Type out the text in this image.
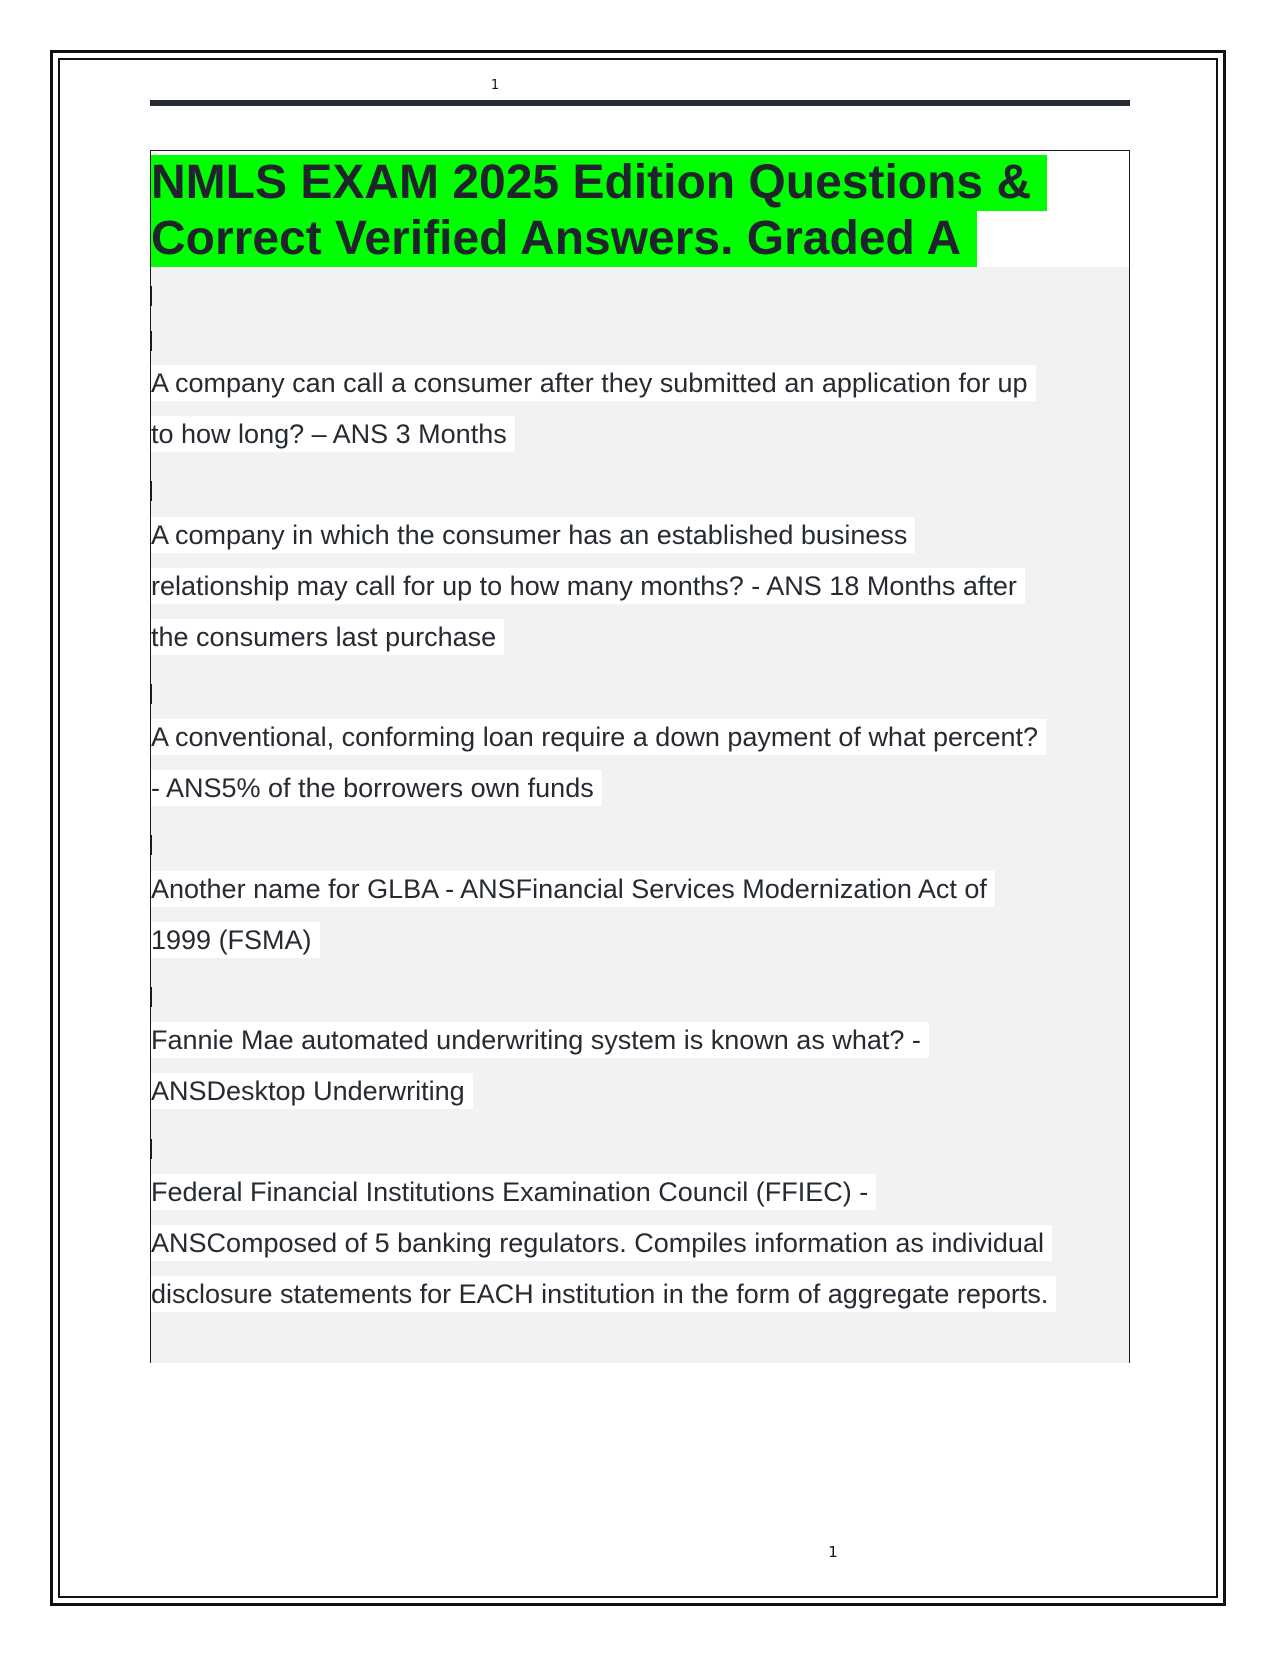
1
NMLS EXAM 2025 Edition Questions &
Correct Verified Answers. Graded A
A company can call a consumer after they submitted an application for up
to how long? – ANS 3 Months
A company in which the consumer has an established business
relationship may call for up to how many months? - ANS 18 Months after
the consumers last purchase
A conventional, conforming loan require a down payment of what percent?
- ANS5% of the borrowers own funds
Another name for GLBA - ANSFinancial Services Modernization Act of
1999 (FSMA)
Fannie Mae automated underwriting system is known as what? -
ANSDesktop Underwriting
Federal Financial Institutions Examination Council (FFIEC) -
ANSComposed of 5 banking regulators. Compiles information as individual
disclosure statements for EACH institution in the form of aggregate reports.
1
